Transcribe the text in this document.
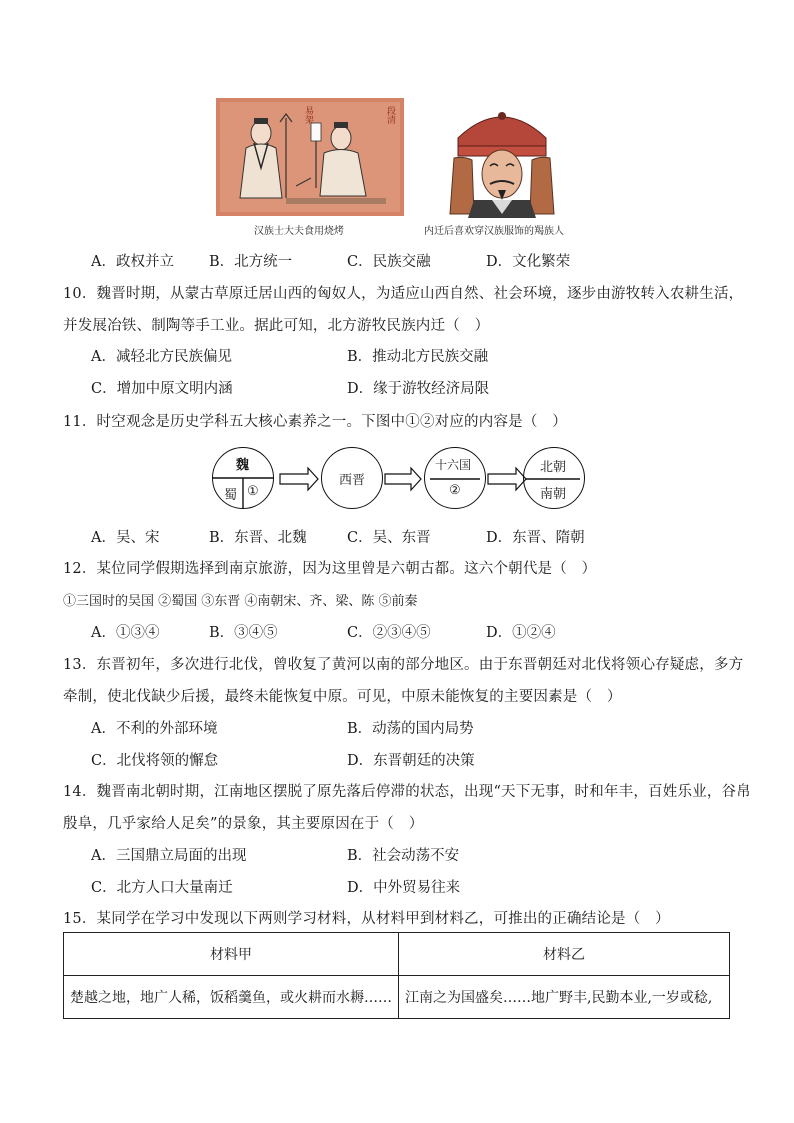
易架	段清
汉族士大夫食用烧烤	内迁后喜欢穿汉族服饰的羯族人
A．政权并立 B．北方统一	C．民族交融	D．文化繁荣
10．魏晋时期，从蒙古草原迁居山西的匈奴人，为适应山西自然、社会环境，逐步由游牧转入农耕生活，
并发展冶铁、制陶等手工业。据此可知，北方游牧民族内迁（　）
A．减轻北方民族偏见	B．推动北方民族交融
C．增加中原文明内涵	D．缘于游牧经济局限
11．时空观念是历史学科五大核心素养之一。下图中①②对应的内容是（　）
魏
蜀 ①
西晋
十六国
②
北朝
南朝
A．吴、宋	B．东晋、北魏	C．吴、东晋	D．东晋、隋朝
12．某位同学假期选择到南京旅游，因为这里曾是六朝古都。这六个朝代是（　）
①三国时的吴国 ②蜀国 ③东晋 ④南朝宋、齐、梁、陈 ⑤前秦
A．①③④	B．③④⑤	C．②③④⑤	D．①②④
13．东晋初年，多次进行北伐，曾收复了黄河以南的部分地区。由于东晋朝廷对北伐将领心存疑虑，多方
牵制，使北伐缺少后援，最终未能恢复中原。可见，中原未能恢复的主要因素是（　）
A．不利的外部环境	B．动荡的国内局势
C．北伐将领的懈怠	D．东晋朝廷的决策
14．魏晋南北朝时期，江南地区摆脱了原先落后停滞的状态，出现“天下无事，时和年丰，百姓乐业，谷帛
殷阜，几乎家给人足矣”的景象，其主要原因在于（　）
A．三国鼎立局面的出现	B．社会动荡不安
C．北方人口大量南迁	D．中外贸易往来
15．某同学在学习中发现以下两则学习材料，从材料甲到材料乙，可推出的正确结论是（　）
材料甲	材料乙
楚越之地，地广人稀，饭稻羹鱼，或火耕而水耨……	江南之为国盛矣……地广野丰,民勤本业,一岁或稔,
